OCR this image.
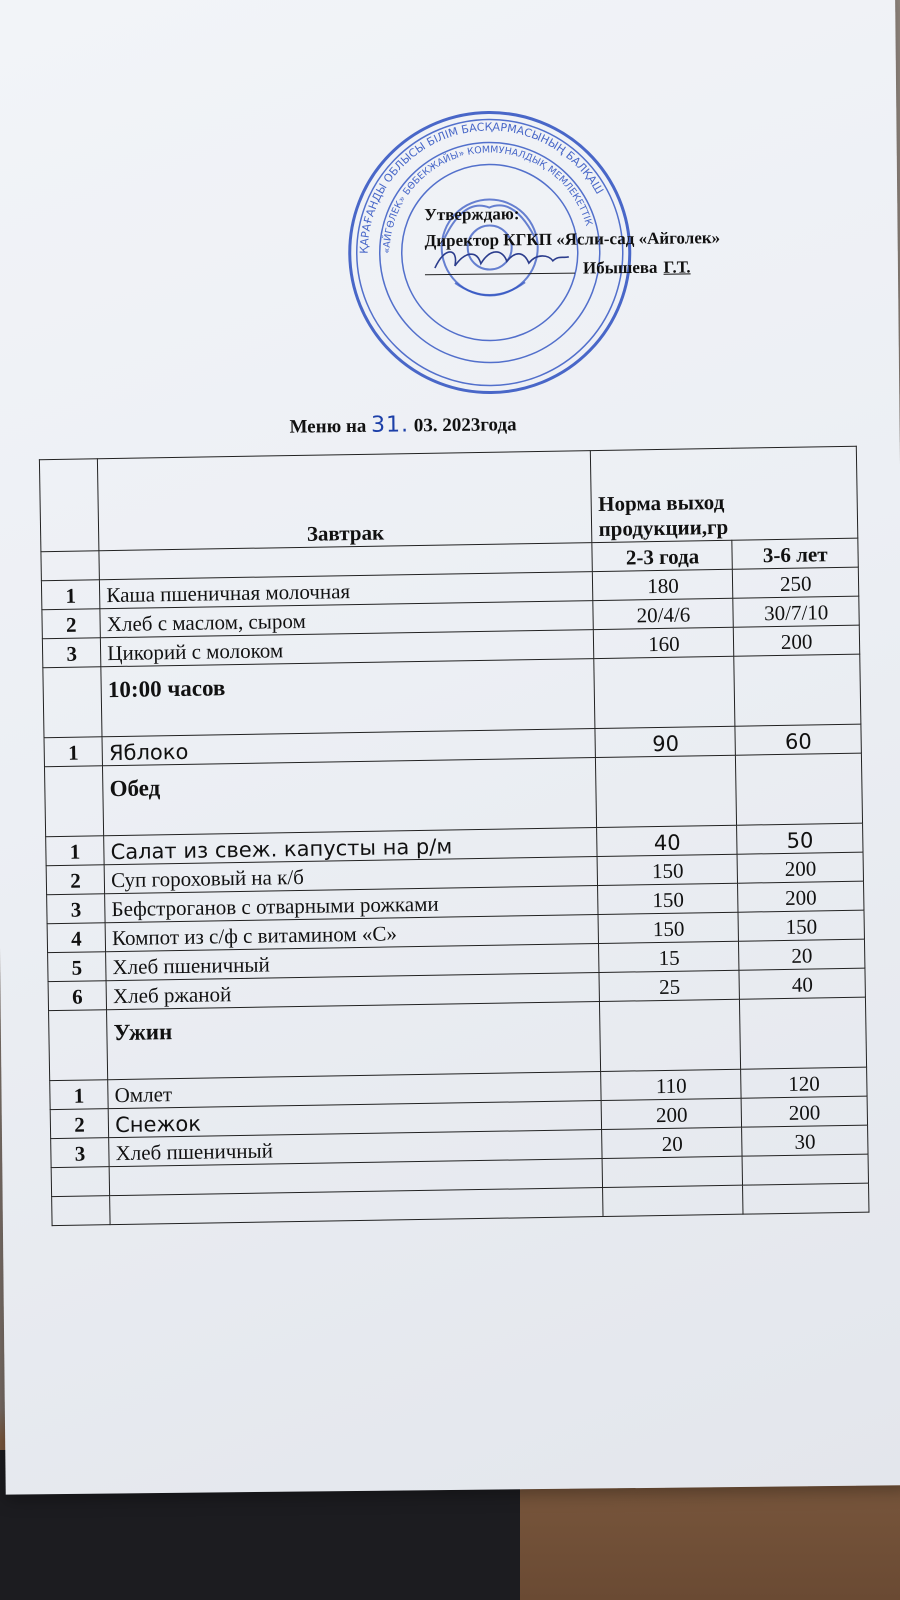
ҚАРАҒАНДЫ ОБЛЫСЫ БІЛІМ БАСҚАРМАСЫНЫҢ БАЛҚАШ
«АЙГӨЛЕК» БӨБЕКЖАЙЫ» КОММУНАЛДЫҚ МЕМЛЕКЕТТІК
Утверждаю:
Директор КГКП «Ясли-сад «Айголек»
Ибышева Г.Т.
Меню на 31. 03. 2023года
	Завтрак	Норма выход продукции,гр	
		2-3 года	3-6 лет
1	Каша пшеничная молочная	180	250
2	Хлеб с маслом, сыром	20/4/6	30/7/10
3	Цикорий с молоком	160	200
	10:00 часов		
1	Яблоко	90	60
	Обед		
1	Салат из свеж. капусты на р/м	40	50
2	Суп гороховый на к/б	150	200
3	Бефстроганов с отварными рожками	150	200
4	Компот из с/ф с витамином «С»	150	150
5	Хлеб пшеничный	15	20
6	Хлеб ржаной	25	40
	Ужин		
1	Омлет	110	120
2	Снежок	200	200
3	Хлеб пшеничный	20	30
